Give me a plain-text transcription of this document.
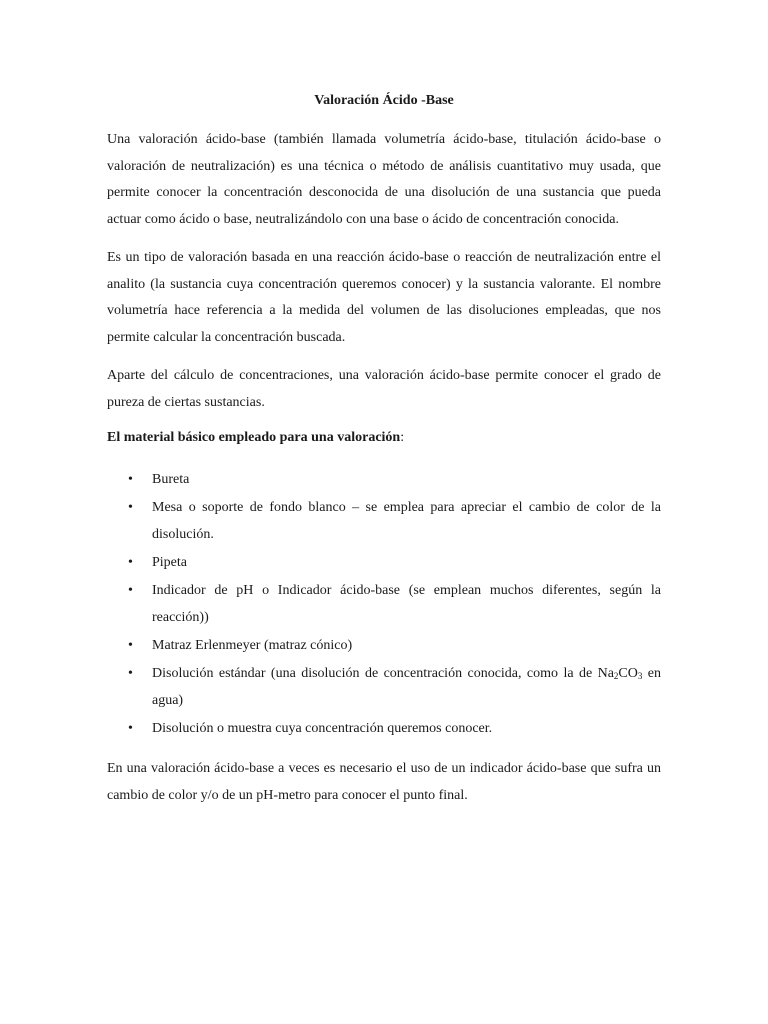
Valoración Ácido -Base

Una valoración ácido-base (también llamada volumetría ácido-base, titulación ácido-base o valoración de neutralización) es una técnica o método de análisis cuantitativo muy usada, que permite conocer la concentración desconocida de una disolución de una sustancia que pueda actuar como ácido o base, neutralizándolo con una base o ácido de concentración conocida.

Es un tipo de valoración basada en una reacción ácido-base o reacción de neutralización entre el analito (la sustancia cuya concentración queremos conocer) y la sustancia valorante. El nombre volumetría hace referencia a la medida del volumen de las disoluciones empleadas, que nos permite calcular la concentración buscada.

Aparte del cálculo de concentraciones, una valoración ácido-base permite conocer el grado de pureza de ciertas sustancias.

El material básico empleado para una valoración:
• Bureta
• Mesa o soporte de fondo blanco – se emplea para apreciar el cambio de color de la disolución.
• Pipeta
• Indicador de pH o Indicador ácido-base (se emplean muchos diferentes, según la reacción))
• Matraz Erlenmeyer (matraz cónico)
• Disolución estándar (una disolución de concentración conocida, como la de $Na_2CO_3$ en agua)
• Disolución o muestra cuya concentración queremos conocer.

En una valoración ácido-base a veces es necesario el uso de un indicador ácido-base que sufra un cambio de color y/o de un pH-metro para conocer el punto final.
